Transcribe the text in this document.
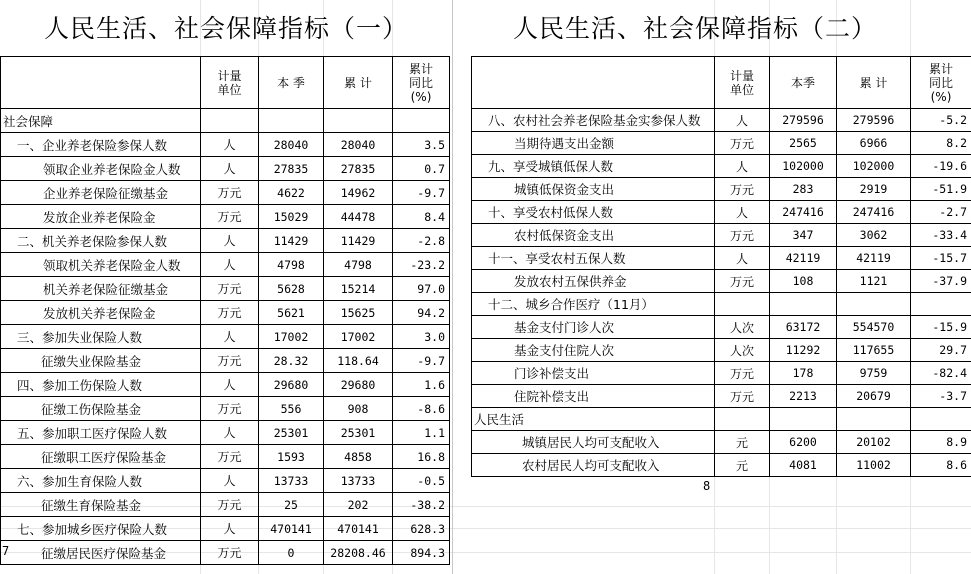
人民生活、社会保障指标（一）
	计量
单位	本 季	累 计	累计
同比
(%)
社会保障				
一、企业养老保险参保人数	人	28040	28040	3.5
领取企业养老保险金人数	人	27835	27835	0.7
企业养老保险征缴基金	万元	4622	14962	-9.7
发放企业养老保险金	万元	15029	44478	8.4
二、机关养老保险参保人数	人	11429	11429	-2.8
领取机关养老保险金人数	人	4798	4798	-23.2
机关养老保险征缴基金	万元	5628	15214	97.0
发放机关养老保险金	万元	5621	15625	94.2
三、参加失业保险人数	人	17002	17002	3.0
征缴失业保险基金	万元	28.32	118.64	-9.7
四、参加工伤保险人数	人	29680	29680	1.6
征缴工伤保险基金	万元	556	908	-8.6
五、参加职工医疗保险人数	人	25301	25301	1.1
征缴职工医疗保险基金	万元	1593	4858	16.8
六、参加生育保险人数	人	13733	13733	-0.5
征缴生育保险基金	万元	25	202	-38.2
七、参加城乡医疗保险人数	人	470141	470141	628.3
征缴居民医疗保险基金	万元	0	28208.46	894.3
7
人民生活、社会保障指标（二）
	计量
单位	本季	累 计	累计
同比
(%)
八、农村社会养老保险基金实参保人数	人	279596	279596	-5.2
当期待遇支出金额	万元	2565	6966	8.2
九、享受城镇低保人数	人	102000	102000	-19.6
城镇低保资金支出	万元	283	2919	-51.9
十、享受农村低保人数	人	247416	247416	-2.7
农村低保资金支出	万元	347	3062	-33.4
十一、享受农村五保人数	人	42119	42119	-15.7
发放农村五保供养金	万元	108	1121	-37.9
十二、城乡合作医疗（11月）				
基金支付门诊人次	人次	63172	554570	-15.9
基金支付住院人次	人次	11292	117655	29.7
门诊补偿支出	万元	178	9759	-82.4
住院补偿支出	万元	2213	20679	-3.7
人民生活				
城镇居民人均可支配收入	元	6200	20102	8.9
农村居民人均可支配收入	元	4081	11002	8.6
8
